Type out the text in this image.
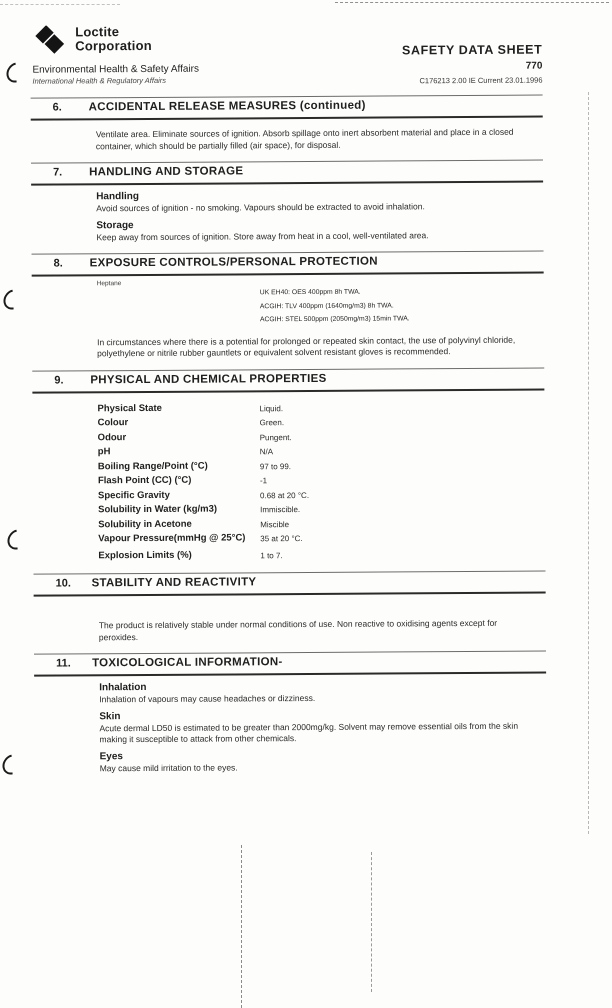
Loctite
Corporation
Environmental Health & Safety Affairs
International Health & Regulatory Affairs
SAFETY DATA SHEET
770
C176213 2.00 IE Current 23.01.1996
6.	ACCIDENTAL RELEASE MEASURES (continued)
Ventilate area. Eliminate sources of ignition. Absorb spillage onto inert absorbent material and place in a closed container, which should be partially filled (air space), for disposal.
7.	HANDLING AND STORAGE
Handling
Avoid sources of ignition - no smoking. Vapours should be extracted to avoid inhalation.
Storage
Keep away from sources of ignition. Store away from heat in a cool, well-ventilated area.
8.	EXPOSURE CONTROLS/PERSONAL PROTECTION
Heptane
UK EH40: OES 400ppm 8h TWA.
ACGIH: TLV 400ppm (1640mg/m3) 8h TWA.
ACGIH: STEL 500ppm (2050mg/m3) 15min TWA.
In circumstances where there is a potential for prolonged or repeated skin contact, the use of polyvinyl chloride, polyethylene or nitrile rubber gauntlets or equivalent solvent resistant gloves is recommended.
9.	PHYSICAL AND CHEMICAL PROPERTIES
Physical State	Liquid.
Colour	Green.
Odour	Pungent.
pH	N/A
Boiling Range/Point (°C)	97 to 99.
Flash Point (CC) (°C)	-1
Specific Gravity	0.68 at 20 °C.
Solubility in Water (kg/m3)	Immiscible.
Solubility in Acetone	Miscible
Vapour Pressure(mmHg @ 25°C)	35 at 20 °C.
Explosion Limits (%)	1 to 7.
10.	STABILITY AND REACTIVITY
The product is relatively stable under normal conditions of use. Non reactive to oxidising agents except for peroxides.
11.	TOXICOLOGICAL INFORMATION-
Inhalation
Inhalation of vapours may cause headaches or dizziness.
Skin
Acute dermal LD50 is estimated to be greater than 2000mg/kg. Solvent may remove essential oils from the skin making it susceptible to attack from other chemicals.
Eyes
May cause mild irritation to the eyes.
